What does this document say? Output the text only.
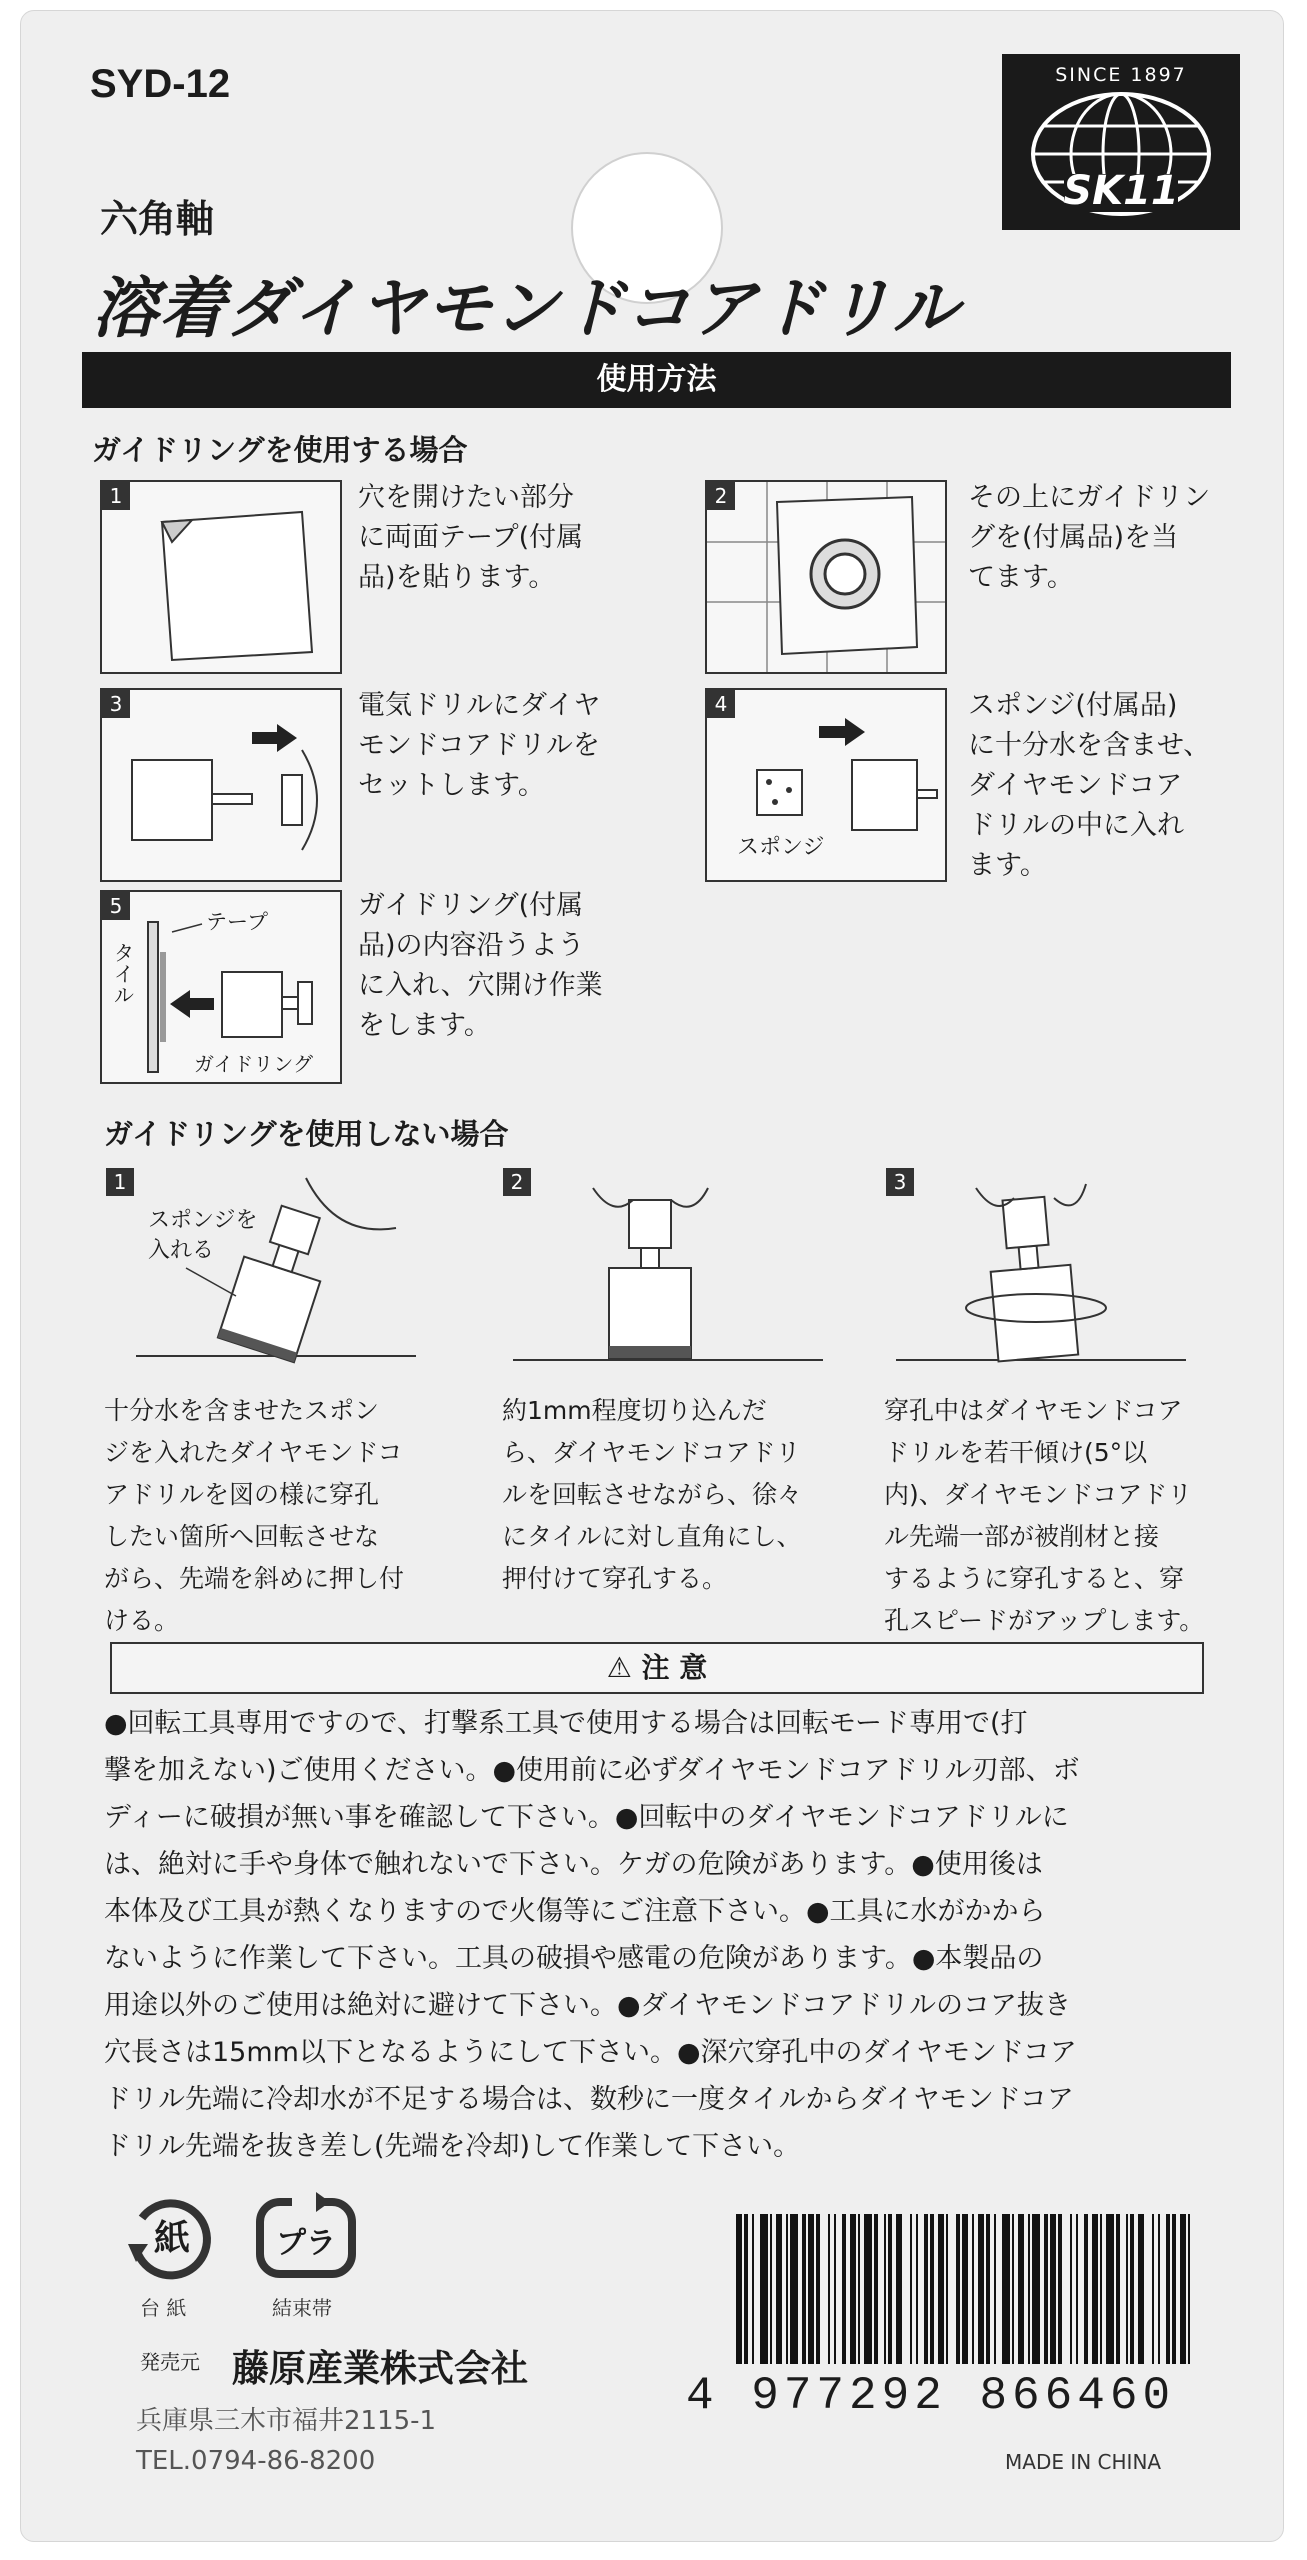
SYD-12	SINCE 1897
SK11
六角軸
溶着ダイヤモンドコアドリル
使用方法
ガイドリングを使用する場合
1	穴を開けたい部分
に両面テープ(付属
品)を貼ります。
2	その上にガイドリン
グを(付属品)を当
てます。
3	電気ドリルにダイヤ
モンドコアドリルを
セットします。
4
スポンジ
スポンジ(付属品)
に十分水を含ませ、
ダイヤモンドコア
ドリルの中に入れ
ます。
5
テープ
タイル
ガイドリング
ガイドリング(付属
品)の内容沿うよう
に入れ、穴開け作業
をします。
ガイドリングを使用しない場合
1
スポンジを
入れる
2	3
十分水を含ませたスポン
ジを入れたダイヤモンドコ
アドリルを図の様に穿孔
したい箇所へ回転させな
がら、先端を斜めに押し付
ける。
約1mm程度切り込んだ
ら、ダイヤモンドコアドリ
ルを回転させながら、徐々
にタイルに対し直角にし、
押付けて穿孔する。
穿孔中はダイヤモンドコア
ドリルを若干傾け(5°以
内)、ダイヤモンドコアドリ
ル先端一部が被削材と接
するように穿孔すると、穿
孔スピードがアップします。
⚠ 注 意
●回転工具専用ですので、打撃系工具で使用する場合は回転モード専用で(打
撃を加えない)ご使用ください。●使用前に必ずダイヤモンドコアドリル刃部、ボ
ディーに破損が無い事を確認して下さい。●回転中のダイヤモンドコアドリルに
は、絶対に手や身体で触れないで下さい。ケガの危険があります。●使用後は
本体及び工具が熱くなりますので火傷等にご注意下さい。●工具に水がかから
ないように作業して下さい。工具の破損や感電の危険があります。●本製品の
用途以外のご使用は絶対に避けて下さい。●ダイヤモンドコアドリルのコア抜き
穴長さは15mm以下となるようにして下さい。●深穴穿孔中のダイヤモンドコア
ドリル先端に冷却水が不足する場合は、数秒に一度タイルからダイヤモンドコア
ドリル先端を抜き差し(先端を冷却)して作業して下さい。
紙
台 紙
プラ
結束帯
発売元 藤原産業株式会社
兵庫県三木市福井2115-1
TEL.0794-86-8200
4 977292 866460
MADE IN CHINA
